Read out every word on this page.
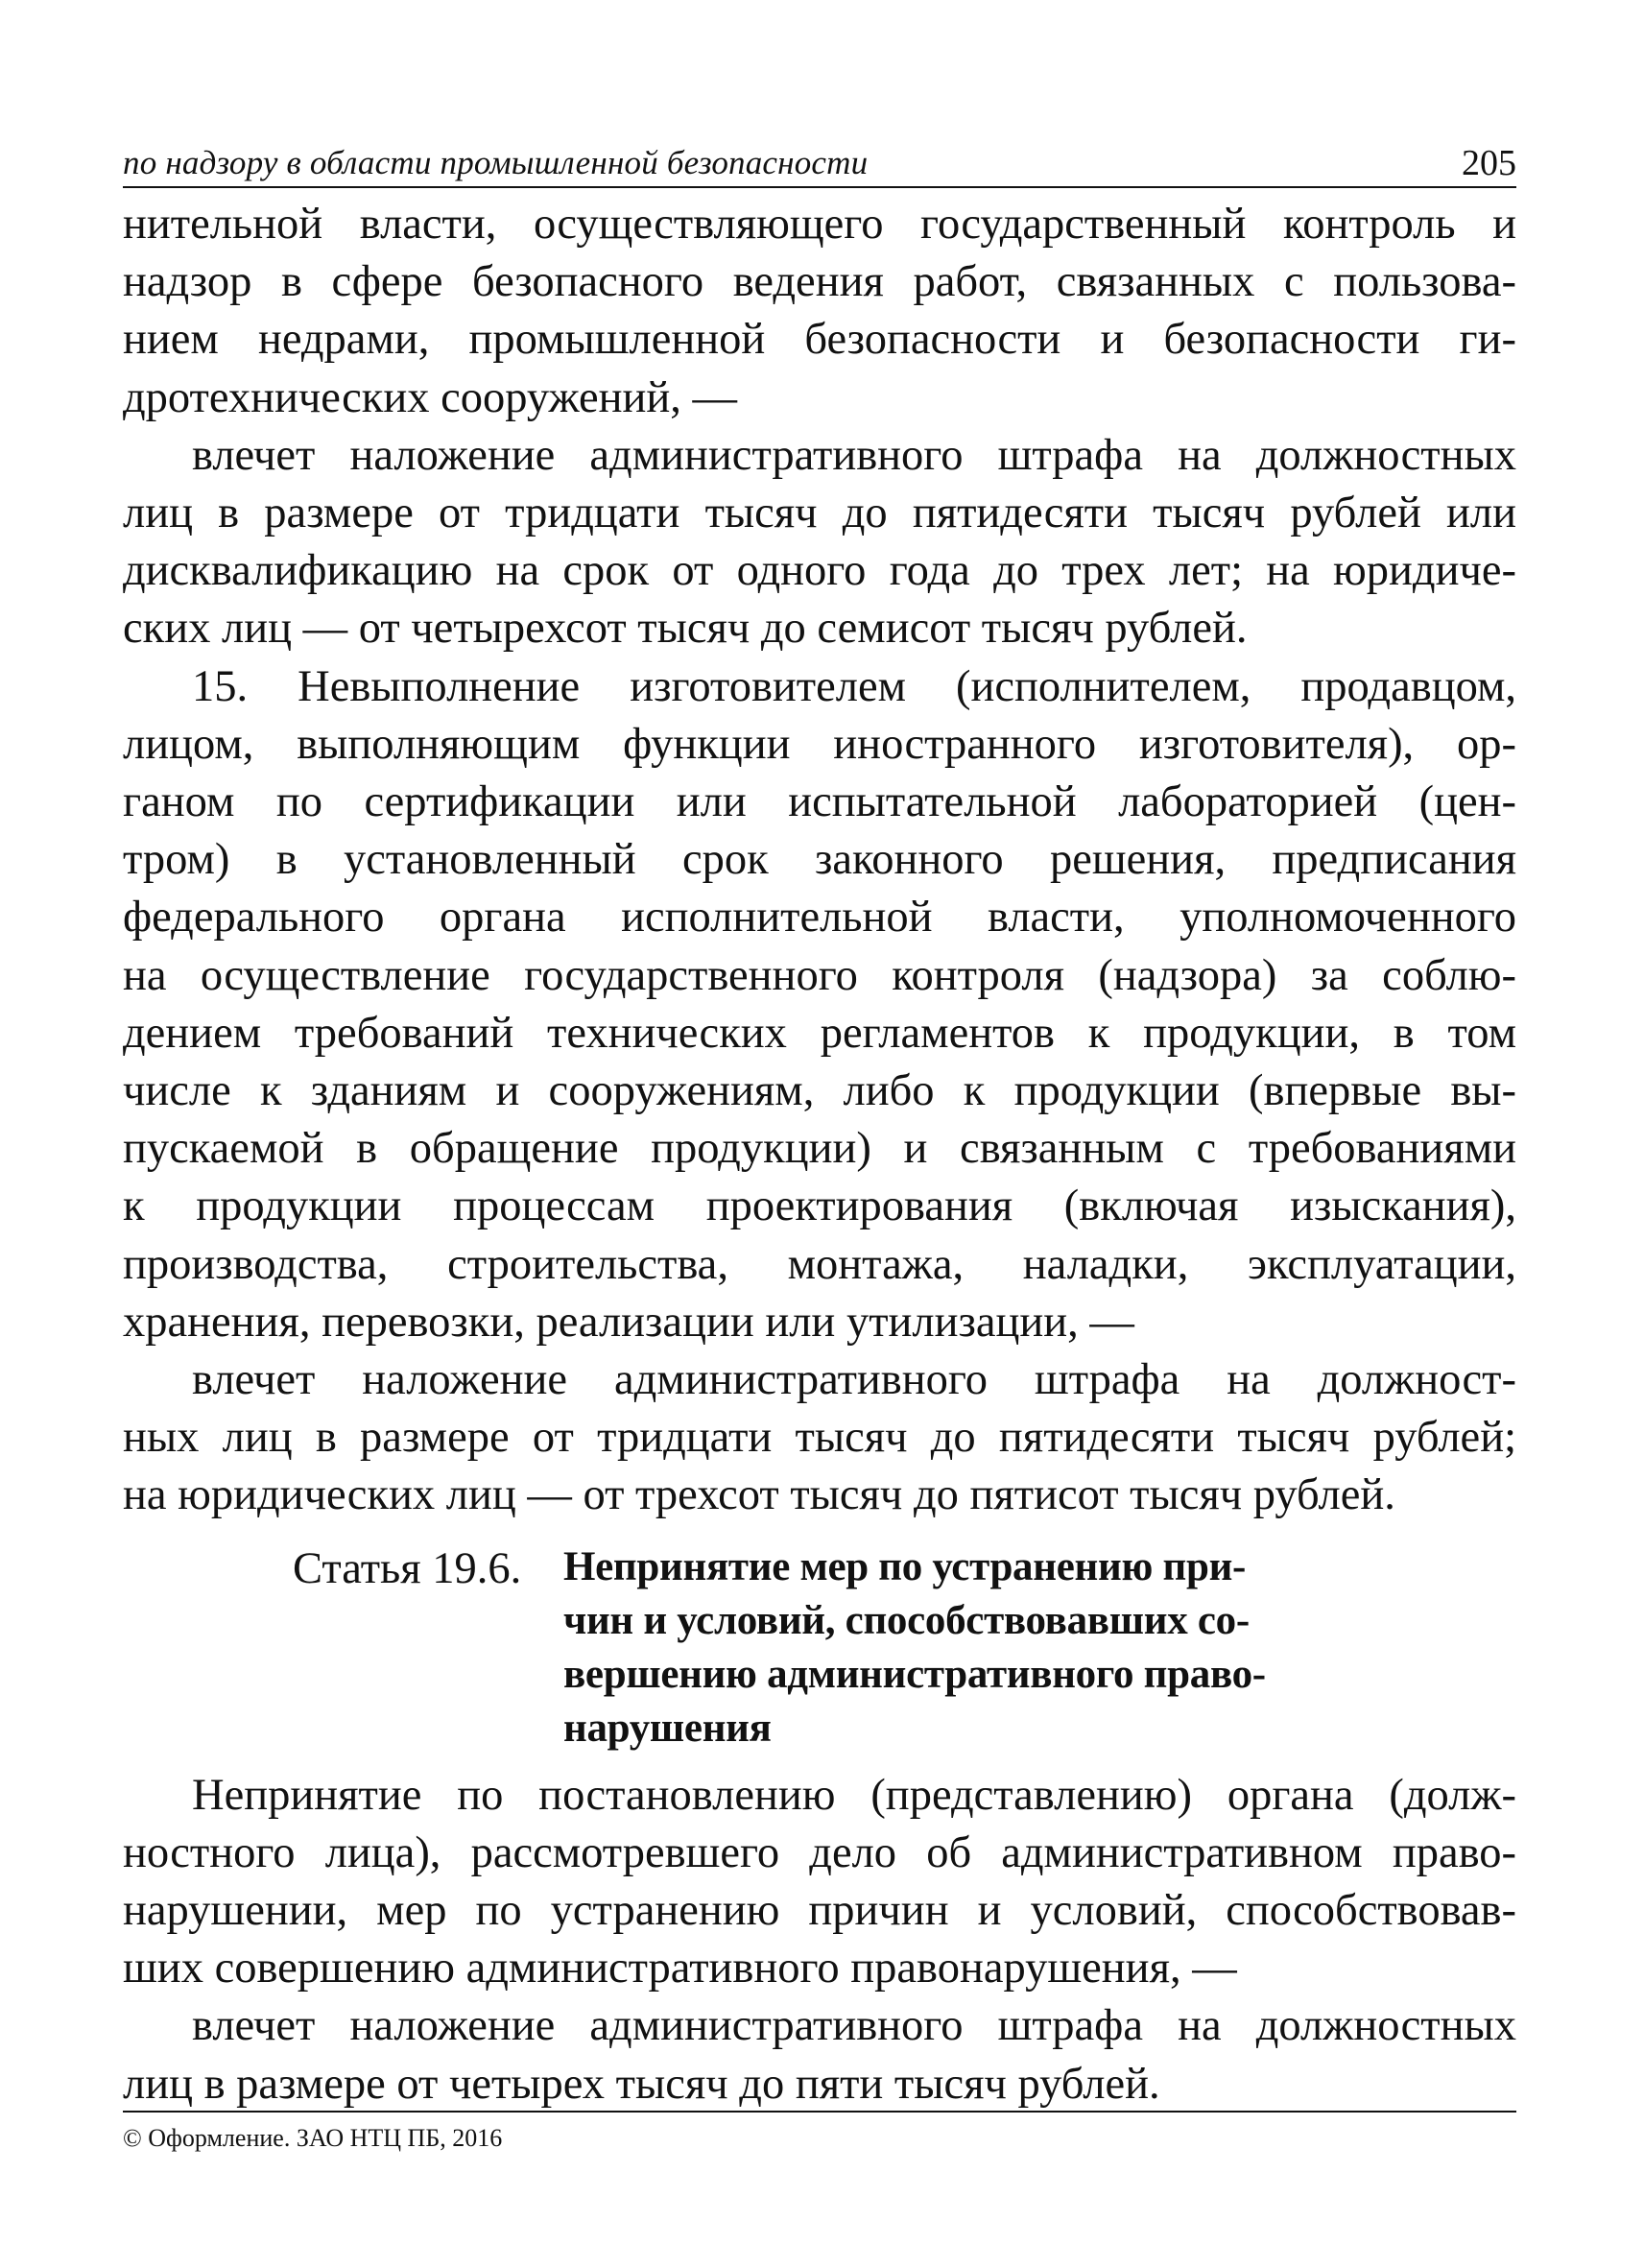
по надзору в области промышленной безопасности	205

нительной власти, осуществляющего государственный контроль и

надзор в сфере безопасного ведения работ, связанных с пользова-

нием недрами, промышленной безопасности и безопасности ги-

дротехнических сооружений, —

влечет наложение административного штрафа на должностных

лиц в размере от тридцати тысяч до пятидесяти тысяч рублей или

дисквалификацию на срок от одного года до трех лет; на юридиче-

ских лиц — от четырехсот тысяч до семисот тысяч рублей.

15. Невыполнение изготовителем (исполнителем, продавцом,

лицом, выполняющим функции иностранного изготовителя), ор-

ганом по сертификации или испытательной лабораторией (цен-

тром) в установленный срок законного решения, предписания

федерального органа исполнительной власти, уполномоченного

на осуществление государственного контроля (надзора) за соблю-

дением требований технических регламентов к продукции, в том

числе к зданиям и сооружениям, либо к продукции (впервые вы-

пускаемой в обращение продукции) и связанным с требованиями

к продукции процессам проектирования (включая изыскания),

производства, строительства, монтажа, наладки, эксплуатации,

хранения, перевозки, реализации или утилизации, —

влечет наложение административного штрафа на должност-

ных лиц в размере от тридцати тысяч до пятидесяти тысяч рублей;

на юридических лиц — от трехсот тысяч до пятисот тысяч рублей.

Статья 19.6.	Непринятие мер по устранению при-
чин и условий, способствовавших со-
вершению административного право-
нарушения

Непринятие по постановлению (представлению) органа (долж-

ностного лица), рассмотревшего дело об административном право-

нарушении, мер по устранению причин и условий, способствовав-

ших совершению административного правонарушения, —

влечет наложение административного штрафа на должностных

лиц в размере от четырех тысяч до пяти тысяч рублей.

© Оформление. ЗАО НТЦ ПБ, 2016
